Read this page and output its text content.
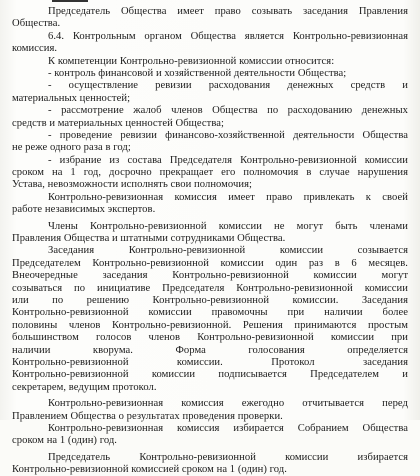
Председатель Общества имеет право созывать заседания Правления
Общества.
6.4. Контрольным органом Общества является Контрольно-ревизионная
комиссия.
К компетенции Контрольно-ревизионной комиссии относится:
- контроль финансовой и хозяйственной деятельности Общества;
- осуществление ревизии расходования денежных средств и
материальных ценностей;
- рассмотрение жалоб членов Общества по расходованию денежных
средств и материальных ценностей Общества;
- проведение ревизии финансово-хозяйственной деятельности Общества
не реже одного раза в год;
- избрание из состава Председателя Контрольно-ревизионной комиссии
сроком на 1 год, досрочно прекращает его полномочия в случае нарушения
Устава, невозможности исполнять свои полномочия;
Контрольно-ревизионная комиссия имеет право привлекать к своей
работе независимых экспертов.
Члены Контрольно-ревизионной комиссии не могут быть членами
Правления Общества и штатными сотрудниками Общества.
Заседания Контрольно-ревизионной комиссии созывается
Председателем Контрольно-ревизионной комиссии один раз в 6 месяцев.
Внеочередные заседания Контрольно-ревизионной комиссии могут
созываться по инициативе Председателя Контрольно-ревизионной комиссии
или по решению Контрольно-ревизионной комиссии. Заседания
Контрольно-ревизионной комиссии правомочны при наличии более
половины членов Контрольно-ревизионной. Решения принимаются простым
большинством голосов членов Контрольно-ревизионной комиссии при
наличии кворума. Форма голосования определяется
Контрольно-ревизионной комиссии. Протокол заседания
Контрольно-ревизионной комиссии подписывается Председателем и
секретарем, ведущим протокол.
Контрольно-ревизионная комиссия ежегодно отчитывается перед
Правлением Общества о результатах проведения проверки.
Контрольно-ревизионная комиссия избирается Собранием Общества
сроком на 1 (один) год.
Председатель Контрольно-ревизионной комиссии избирается
Контрольно-ревизионной комиссией сроком на 1 (один) год.
